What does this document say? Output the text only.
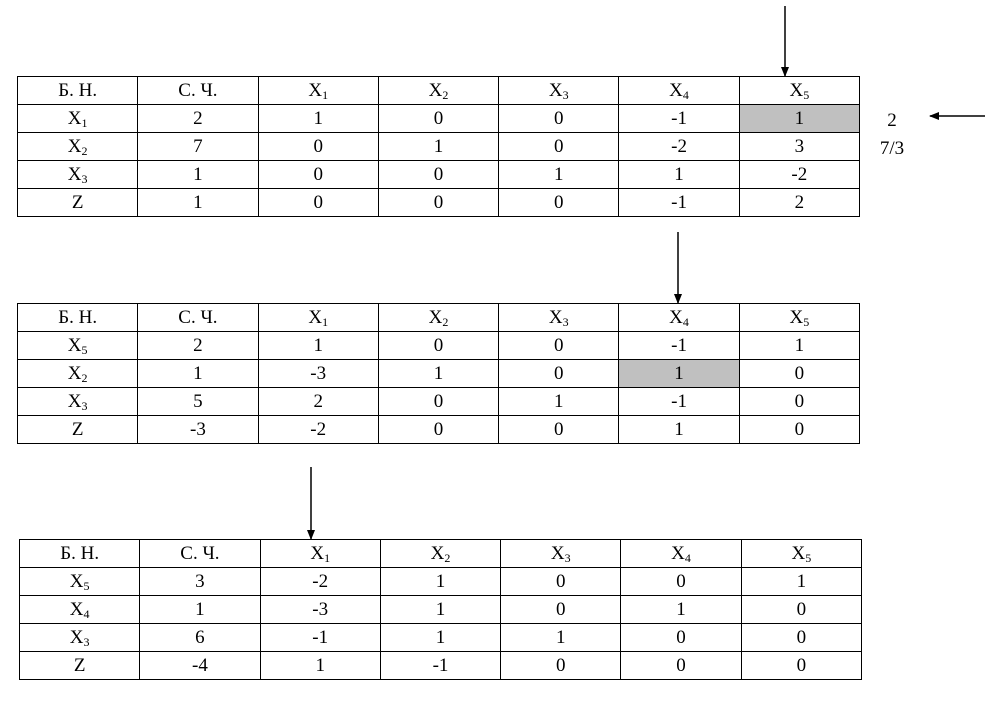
2
7/3
Б. Н.	С. Ч.	$X_1$	$X_2$	$X_3$	$X_4$	$X_5$
$X_1$	2	1	0	0	-1	1
$X_2$	7	0	1	0	-2	3
$X_3$	1	0	0	1	1	-2
Z	1	0	0	0	-1	2
Б. Н.	С. Ч.	$X_1$	$X_2$	$X_3$	$X_4$	$X_5$
$X_5$	2	1	0	0	-1	1
$X_2$	1	-3	1	0	1	0
$X_3$	5	2	0	1	-1	0
Z	-3	-2	0	0	1	0
Б. Н.	С. Ч.	$X_1$	$X_2$	$X_3$	$X_4$	$X_5$
$X_5$	3	-2	1	0	0	1
$X_4$	1	-3	1	0	1	0
$X_3$	6	-1	1	1	0	0
Z	-4	1	-1	0	0	0
